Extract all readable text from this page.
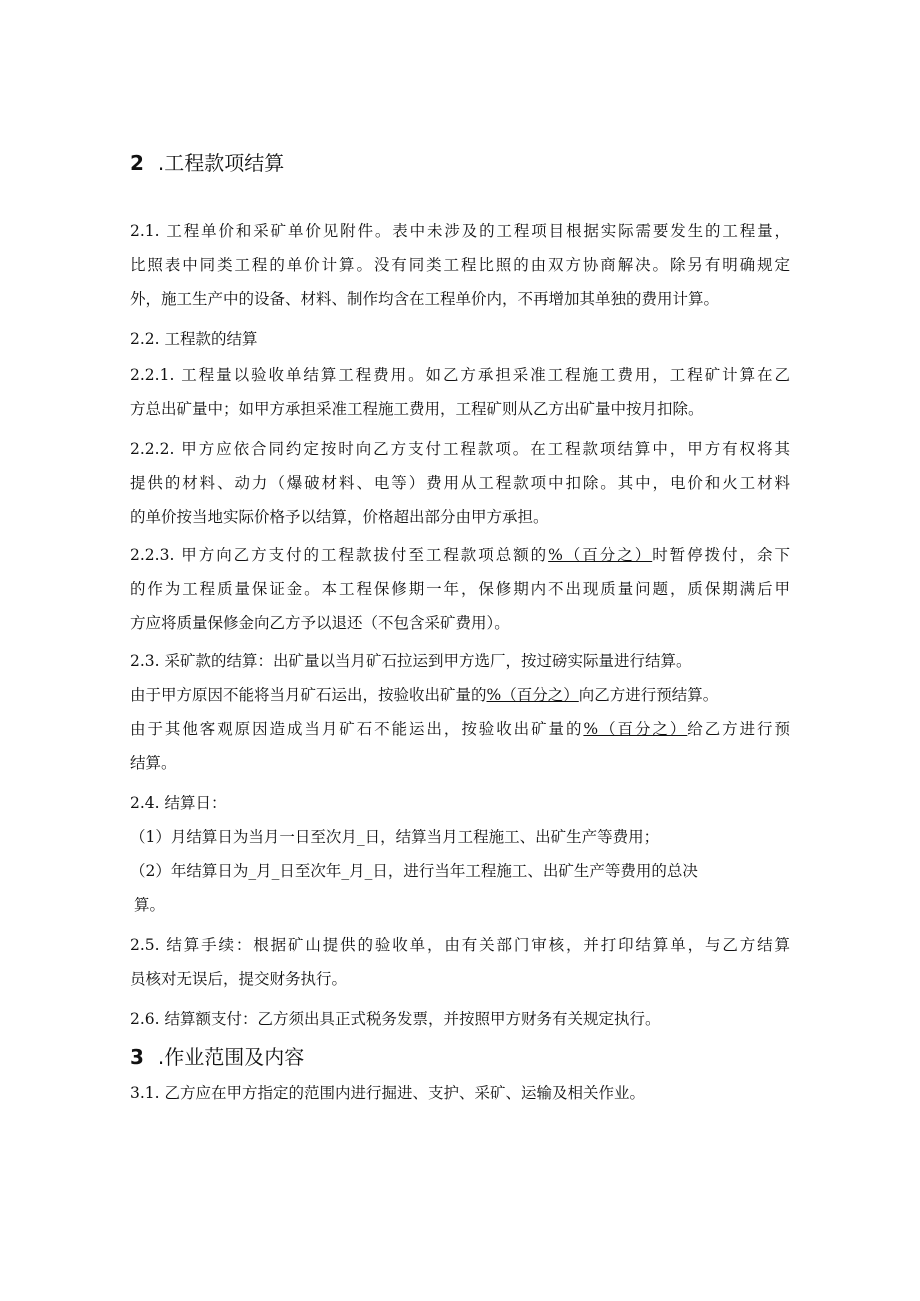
2 .工程款项结算
2.1. 工程单价和采矿单价见附件。表中未涉及的工程项目根据实际需要发生的工程量，
比照表中同类工程的单价计算。没有同类工程比照的由双方协商解决。除另有明确规定
外，施工生产中的设备、材料、制作均含在工程单价内，不再增加其单独的费用计算。
2.2. 工程款的结算
2.2.1. 工程量以验收单结算工程费用。如乙方承担采准工程施工费用，工程矿计算在乙
方总出矿量中；如甲方承担采准工程施工费用，工程矿则从乙方出矿量中按月扣除。
2.2.2. 甲方应依合同约定按时向乙方支付工程款项。在工程款项结算中，甲方有权将其
提供的材料、动力（爆破材料、电等）费用从工程款项中扣除。其中，电价和火工材料
的单价按当地实际价格予以结算，价格超出部分由甲方承担。
2.2.3. 甲方向乙方支付的工程款拔付至工程款项总额的%（百分之）时暂停拨付，余下
的作为工程质量保证金。本工程保修期一年，保修期内不出现质量问题，质保期满后甲
方应将质量保修金向乙方予以退还（不包含采矿费用）。
2.3. 采矿款的结算：出矿量以当月矿石拉运到甲方选厂，按过磅实际量进行结算。
由于甲方原因不能将当月矿石运出，按验收出矿量的%（百分之）向乙方进行预结算。
由于其他客观原因造成当月矿石不能运出，按验收出矿量的%（百分之）给乙方进行预
结算。
2.4. 结算日：
（1）月结算日为当月一日至次月_日，结算当月工程施工、出矿生产等费用；
（2）年结算日为_月_日至次年_月_日，进行当年工程施工、出矿生产等费用的总决
算。
2.5. 结算手续：根据矿山提供的验收单，由有关部门审核，并打印结算单，与乙方结算
员核对无误后，提交财务执行。
2.6. 结算额支付：乙方须出具正式税务发票，并按照甲方财务有关规定执行。
3 .作业范围及内容
3.1. 乙方应在甲方指定的范围内进行掘进、支护、采矿、运输及相关作业。
